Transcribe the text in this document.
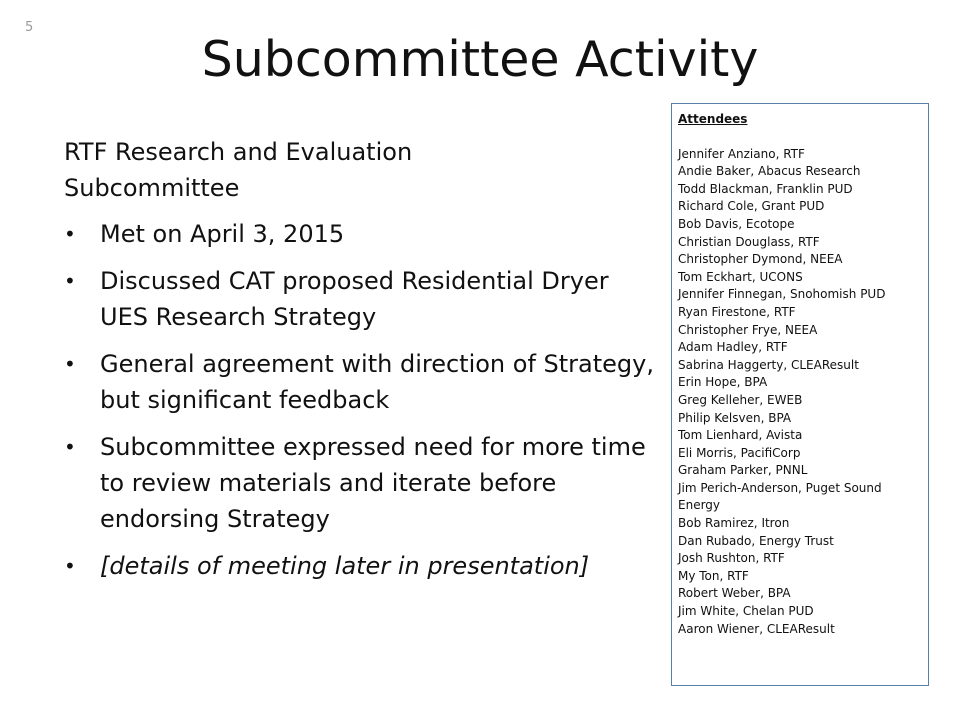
5
Subcommittee Activity
RTF Research and Evaluation Subcommittee
• Met on April 3, 2015
• Discussed CAT proposed Residential Dryer UES Research Strategy
• General agreement with direction of Strategy, but significant feedback
• Subcommittee expressed need for more time to review materials and iterate before endorsing Strategy
• [details of meeting later in presentation]
Attendees
Jennifer Anziano, RTF
Andie Baker, Abacus Research
Todd Blackman, Franklin PUD
Richard Cole, Grant PUD
Bob Davis, Ecotope
Christian Douglass, RTF
Christopher Dymond, NEEA
Tom Eckhart, UCONS
Jennifer Finnegan, Snohomish PUD
Ryan Firestone, RTF
Christopher Frye, NEEA
Adam Hadley, RTF
Sabrina Haggerty, CLEAResult
Erin Hope, BPA
Greg Kelleher, EWEB
Philip Kelsven, BPA
Tom Lienhard, Avista
Eli Morris, PacifiCorp
Graham Parker, PNNL
Jim Perich-Anderson, Puget Sound Energy
Bob Ramirez, Itron
Dan Rubado, Energy Trust
Josh Rushton, RTF
My Ton, RTF
Robert Weber, BPA
Jim White, Chelan PUD
Aaron Wiener, CLEAResult
